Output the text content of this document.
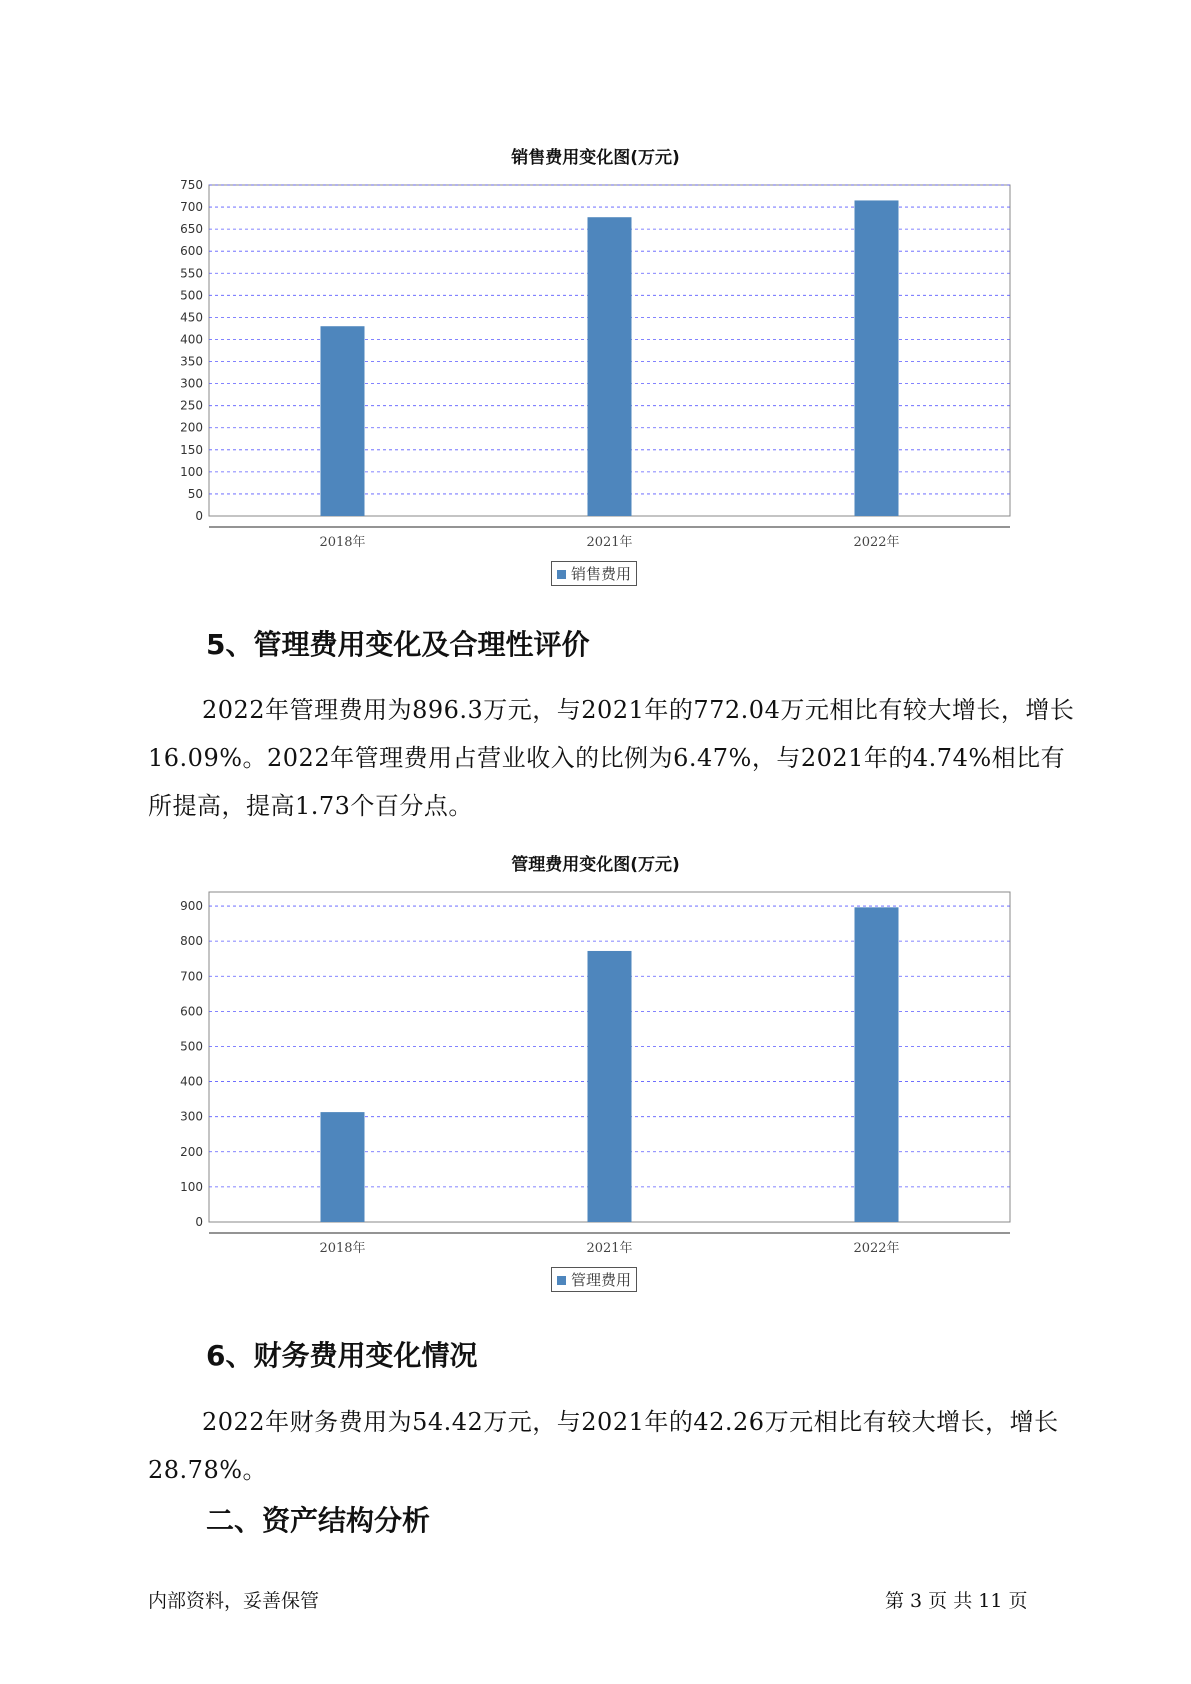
销售费用变化图(万元)
0
50
100
150
200
250
300
350
400
450
500
550
600
650
700
750
2018年	2021年	2022年
销售费用
5、管理费用变化及合理性评价

2022年管理费用为896.3万元，与2021年的772.04万元相比有较大增长，增长16.09%。2022年管理费用占营业收入的比例为6.47%，与2021年的4.74%相比有所提高，提高1.73个百分点。

管理费用变化图(万元)
0
100
200
300
400
500
600
700
800
900
2018年	2021年	2022年
管理费用
6、财务费用变化情况

2022年财务费用为54.42万元，与2021年的42.26万元相比有较大增长，增长28.78%。

二、资产结构分析
内部资料，妥善保管	第 3 页 共 11 页
